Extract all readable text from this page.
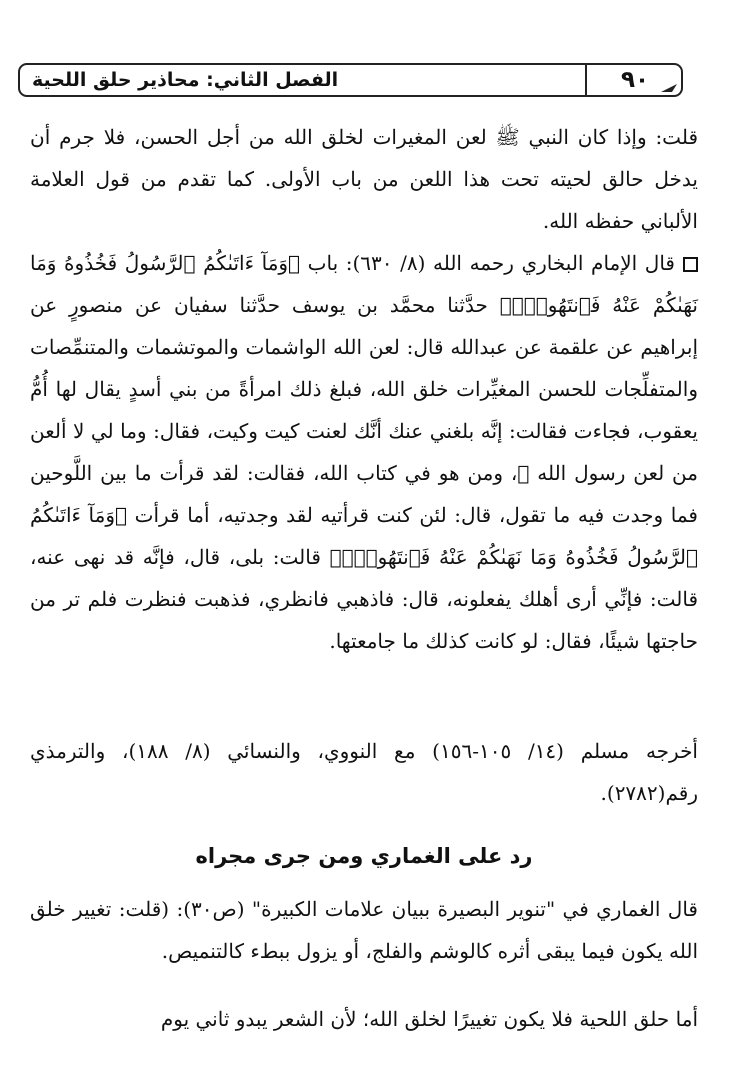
الفصل الثاني: محاذير حلق اللحية	٩٠

قلت: وإذا كان النبي ﷺ لعن المغيرات لخلق الله من أجل الحسن، فلا جرم أن يدخل حالق لحيته تحت هذا اللعن من باب الأولى. كما تقدم من قول العلامة الألباني حفظه الله.

قال الإمام البخاري رحمه الله (٨/ ٦٣٠): باب ﴿وَمَآ ءَاتَىٰكُمُ ٱلرَّسُولُ فَخُذُوهُ وَمَا نَهَىٰكُمْ عَنْهُ فَٱنتَهُوا۟ۚ﴾ حدَّثنا محمَّد بن يوسف حدَّثنا سفيان عن منصورٍ عن إبراهيم عن علقمة عن عبدالله قال: لعن الله الواشمات والموتشمات والمتنمِّصات والمتفلِّجات للحسن المغيِّرات خلق الله، فبلغ ذلك امرأةً من بني أسدٍ يقال لها أُمُّ يعقوب، فجاءت فقالت: إنَّه بلغني عنك أنَّك لعنت كيت وكيت، فقال: وما لي لا ألعن من لعن رسول الله ﷺ، ومن هو في كتاب الله، فقالت: لقد قرأت ما بين اللَّوحين فما وجدت فيه ما تقول، قال: لئن كنت قرأتيه لقد وجدتيه، أما قرأت ﴿وَمَآ ءَاتَىٰكُمُ ٱلرَّسُولُ فَخُذُوهُ وَمَا نَهَىٰكُمْ عَنْهُ فَٱنتَهُوا۟ۚ﴾ قالت: بلى، قال، فإنَّه قد نهى عنه، قالت: فإنِّي أرى أهلك يفعلونه، قال: فاذهبي فانظري، فذهبت فنظرت فلم تر من حاجتها شيئًا، فقال: لو كانت كذلك ما جامعتها.

أخرجه مسلم (١٤/ ١٠٥-١٥٦) مع النووي، والنسائي (٨/ ١٨٨)، والترمذي رقم(٢٧٨٢).

رد على الغماري ومن جرى مجراه

قال الغماري في "تنوير البصيرة ببيان علامات الكبيرة" (ص٣٠): (قلت: تغيير خلق الله يكون فيما يبقى أثره كالوشم والفلج، أو يزول ببطء كالتنميص.

أما حلق اللحية فلا يكون تغييرًا لخلق الله؛ لأن الشعر يبدو ثاني يوم
